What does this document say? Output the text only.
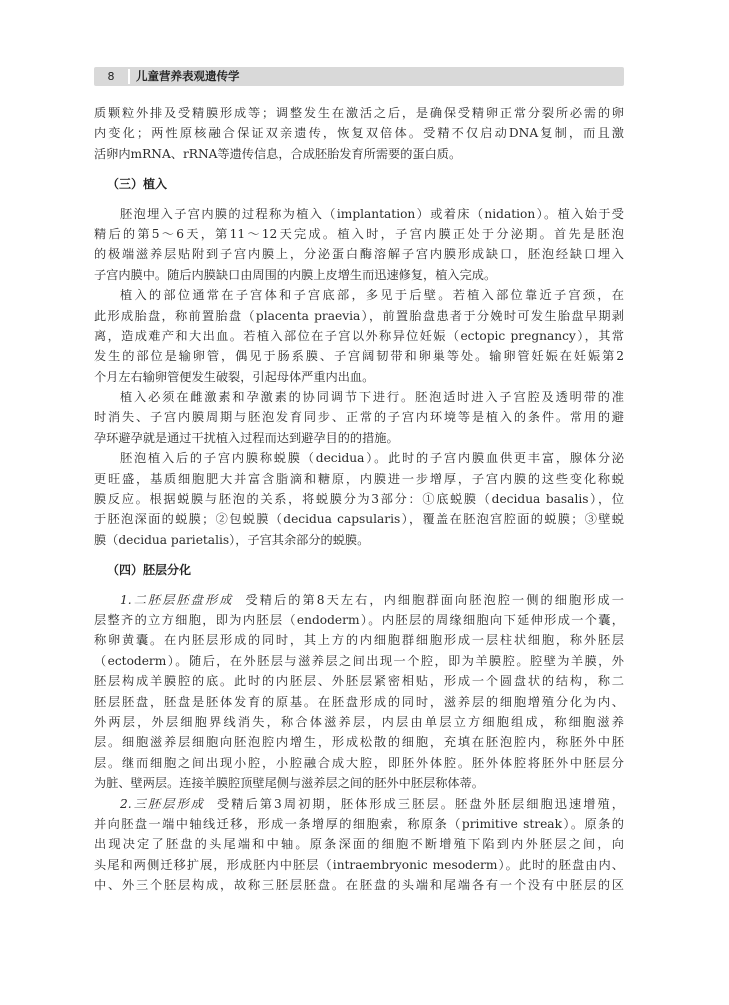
8	儿童营养表观遗传学
质颗粒外排及受精膜形成等；调整发生在激活之后，是确保受精卵正常分裂所必需的卵
内变化；两性原核融合保证双亲遗传，恢复双倍体。受精不仅启动DNA复制，而且激
活卵内mRNA、rRNA等遗传信息，合成胚胎发育所需要的蛋白质。
（三）植入
胚泡埋入子宫内膜的过程称为植入（implantation）或着床（nidation）。植入始于受
精后的第5～6天，第11～12天完成。植入时，子宫内膜正处于分泌期。首先是胚泡
的极端滋养层贴附到子宫内膜上，分泌蛋白酶溶解子宫内膜形成缺口，胚泡经缺口埋入
子宫内膜中。随后内膜缺口由周围的内膜上皮增生而迅速修复，植入完成。
植入的部位通常在子宫体和子宫底部，多见于后壁。若植入部位靠近子宫颈，在
此形成胎盘，称前置胎盘（placenta praevia），前置胎盘患者于分娩时可发生胎盘早期剥
离，造成难产和大出血。若植入部位在子宫以外称异位妊娠（ectopic pregnancy），其常
发生的部位是输卵管，偶见于肠系膜、子宫阔韧带和卵巢等处。输卵管妊娠在妊娠第2
个月左右输卵管便发生破裂，引起母体严重内出血。
植入必须在雌激素和孕激素的协同调节下进行。胚泡适时进入子宫腔及透明带的准
时消失、子宫内膜周期与胚泡发育同步、正常的子宫内环境等是植入的条件。常用的避
孕环避孕就是通过干扰植入过程而达到避孕目的的措施。
胚泡植入后的子宫内膜称蜕膜（decidua）。此时的子宫内膜血供更丰富，腺体分泌
更旺盛，基质细胞肥大并富含脂滴和糖原，内膜进一步增厚，子宫内膜的这些变化称蜕
膜反应。根据蜕膜与胚泡的关系，将蜕膜分为3部分：①底蜕膜（decidua basalis），位
于胚泡深面的蜕膜；②包蜕膜（decidua capsularis），覆盖在胚泡宫腔面的蜕膜；③壁蜕
膜（decidua parietalis），子宫其余部分的蜕膜。
（四）胚层分化
1.二胚层胚盘形成 受精后的第8天左右，内细胞群面向胚泡腔一侧的细胞形成一
层整齐的立方细胞，即为内胚层（endoderm）。内胚层的周缘细胞向下延伸形成一个囊，
称卵黄囊。在内胚层形成的同时，其上方的内细胞群细胞形成一层柱状细胞，称外胚层
（ectoderm）。随后，在外胚层与滋养层之间出现一个腔，即为羊膜腔。腔壁为羊膜，外
胚层构成羊膜腔的底。此时的内胚层、外胚层紧密相贴，形成一个圆盘状的结构，称二
胚层胚盘，胚盘是胚体发育的原基。在胚盘形成的同时，滋养层的细胞增殖分化为内、
外两层，外层细胞界线消失，称合体滋养层，内层由单层立方细胞组成，称细胞滋养
层。细胞滋养层细胞向胚泡腔内增生，形成松散的细胞，充填在胚泡腔内，称胚外中胚
层。继而细胞之间出现小腔，小腔融合成大腔，即胚外体腔。胚外体腔将胚外中胚层分
为脏、壁两层。连接羊膜腔顶壁尾侧与滋养层之间的胚外中胚层称体蒂。
2.三胚层形成 受精后第3周初期，胚体形成三胚层。胚盘外胚层细胞迅速增殖，
并向胚盘一端中轴线迁移，形成一条增厚的细胞索，称原条（primitive streak）。原条的
出现决定了胚盘的头尾端和中轴。原条深面的细胞不断增殖下陷到内外胚层之间，向
头尾和两侧迁移扩展，形成胚内中胚层（intraembryonic mesoderm）。此时的胚盘由内、
中、外三个胚层构成，故称三胚层胚盘。在胚盘的头端和尾端各有一个没有中胚层的区
